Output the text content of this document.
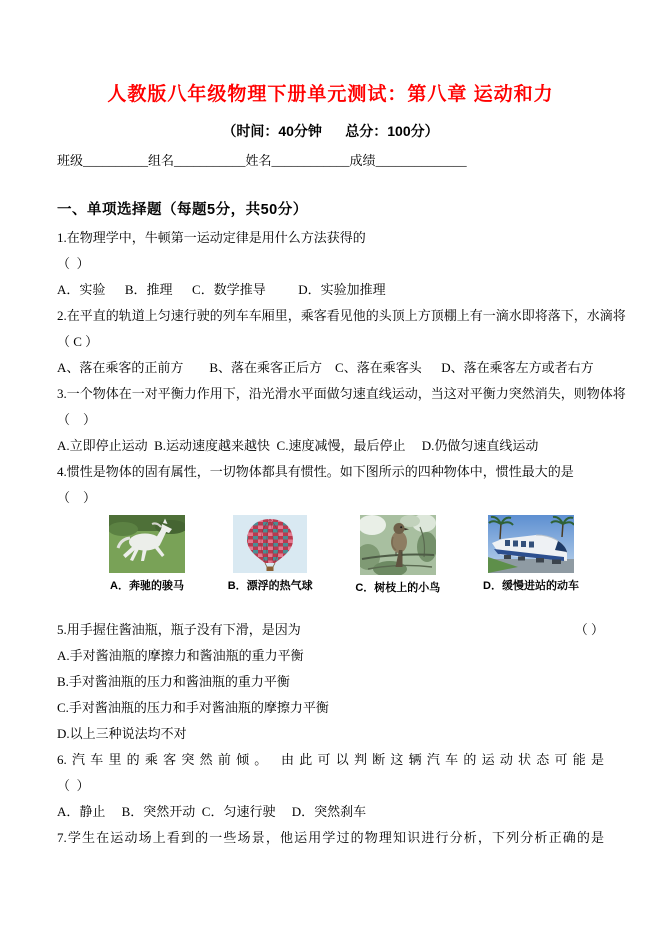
人教版八年级物理下册单元测试：第八章 运动和力
（时间：40分钟      总分：100分）
班级__________组名___________姓名____________成绩______________
一、单项选择题（每题5分，共50分）
1.在物理学中，牛顿第一运动定律是用什么方法获得的
（  ）
A．实验      B．推理      C．数学推导          D．实验加推理
2.在平直的轨道上匀速行驶的列车车厢里，乘客看见他的头顶上方顶棚上有一滴水即将落下，水滴将
（ C ）
A、落在乘客的正前方        B、落在乘客正后方    C、落在乘客头      D、落在乘客左方或者右方
3.一个物体在一对平衡力作用下，沿光滑水平面做匀速直线运动，当这对平衡力突然消失，则物体将
（    ）
A.立即停止运动  B.运动速度越来越快  C.速度减慢，最后停止     D.仍做匀速直线运动
4.惯性是物体的固有属性，一切物体都具有惯性。如下图所示的四种物体中，惯性最大的是
（    ）
A．奔驰的骏马	B．漂浮的热气球	C．树枝上的小鸟	D．缓慢进站的动车
5.用手握住酱油瓶，瓶子没有下滑，是因为	（ ）
A.手对酱油瓶的摩擦力和酱油瓶的重力平衡
B.手对酱油瓶的压力和酱油瓶的重力平衡
C.手对酱油瓶的压力和手对酱油瓶的摩擦力平衡
D.以上三种说法均不对
6.汽车里的乘客突然前倾。 由此可以判断这辆汽车的运动状态可能是
（  ）
A．静止     B．突然开动  C．匀速行驶     D．突然刹车
7.学生在运动场上看到的一些场景，他运用学过的物理知识进行分析，下列分析正确的是
